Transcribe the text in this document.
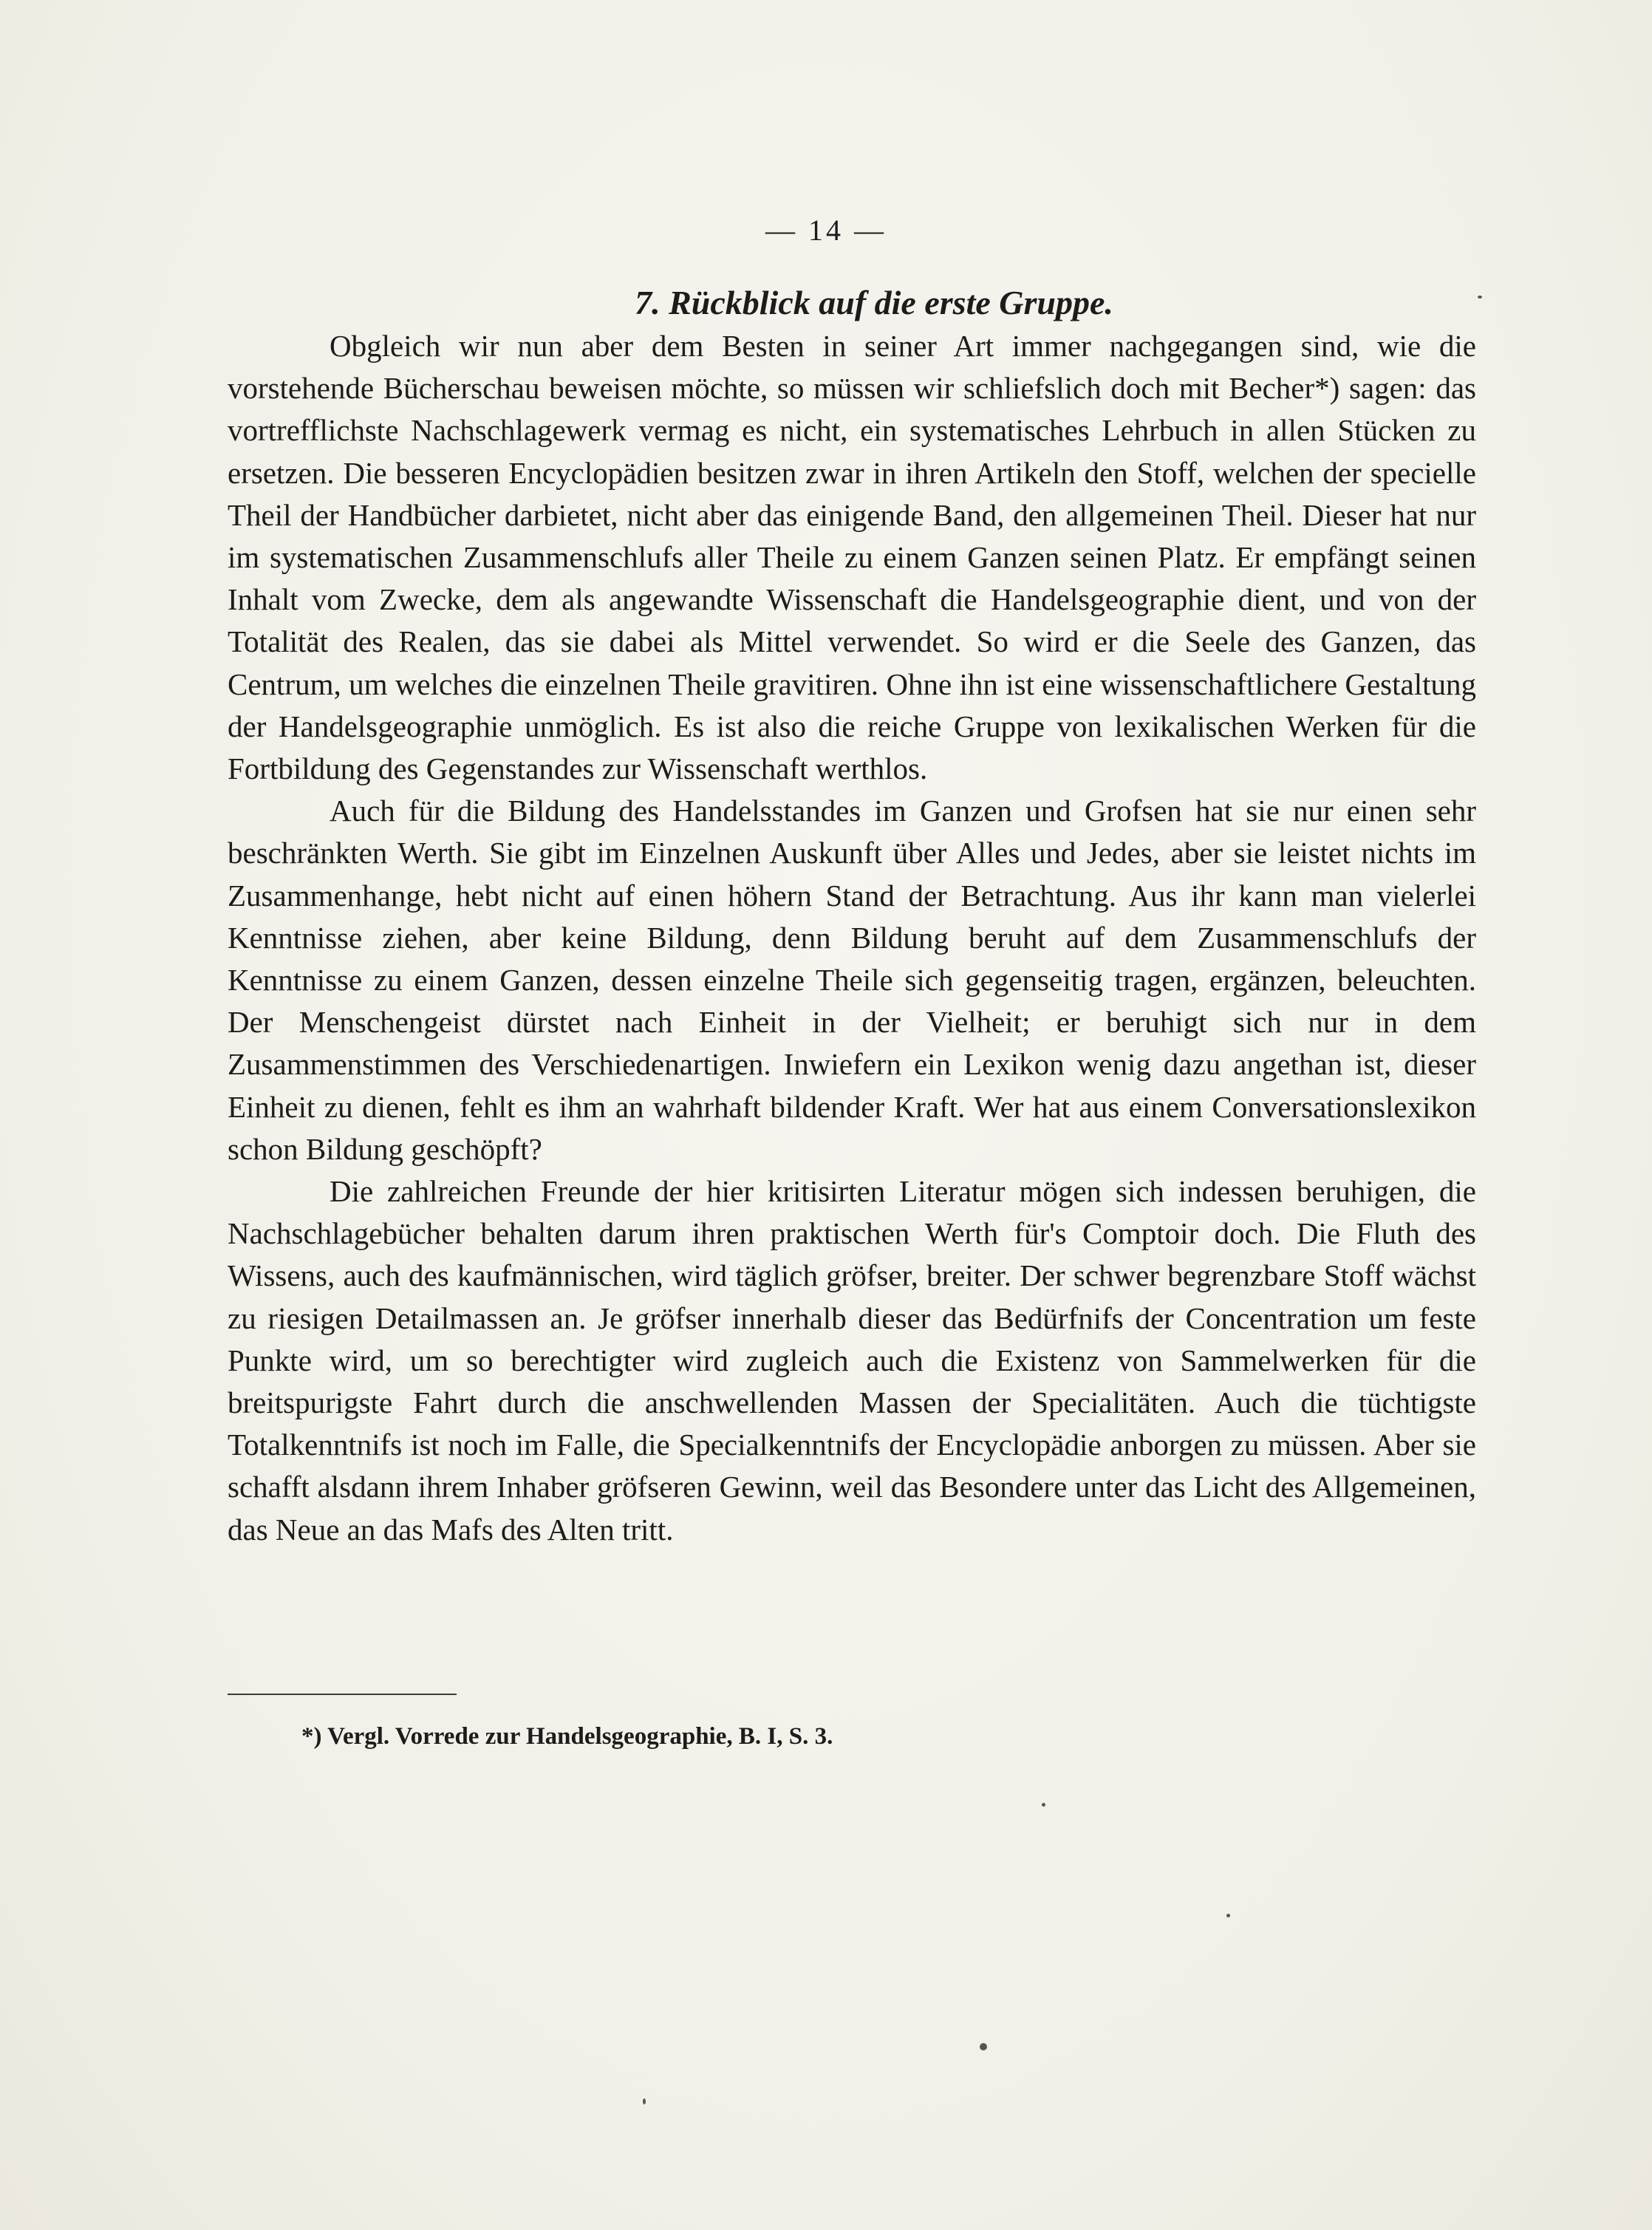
— 14 —
7. Rückblick auf die erste Gruppe.

Obgleich wir nun aber dem Besten in seiner Art immer nachgegangen sind, wie die vorstehende Bücherschau beweisen möchte, so müssen wir schliefslich doch mit Becher*) sagen: das vortrefflichste Nachschlagewerk vermag es nicht, ein systematisches Lehrbuch in allen Stücken zu ersetzen. Die besseren Encyclopädien besitzen zwar in ihren Artikeln den Stoff, welchen der specielle Theil der Handbücher darbietet, nicht aber das einigende Band, den allgemeinen Theil. Dieser hat nur im systematischen Zusammenschlufs aller Theile zu einem Ganzen seinen Platz. Er empfängt seinen Inhalt vom Zwecke, dem als angewandte Wissenschaft die Handelsgeographie dient, und von der Totalität des Realen, das sie dabei als Mittel verwendet. So wird er die Seele des Ganzen, das Centrum, um welches die einzelnen Theile gravitiren. Ohne ihn ist eine wissenschaftlichere Gestaltung der Handelsgeographie unmöglich. Es ist also die reiche Gruppe von lexikalischen Werken für die Fortbildung des Gegenstandes zur Wissenschaft werthlos.

Auch für die Bildung des Handelsstandes im Ganzen und Grofsen hat sie nur einen sehr beschränkten Werth. Sie gibt im Einzelnen Auskunft über Alles und Jedes, aber sie leistet nichts im Zusammenhange, hebt nicht auf einen höhern Stand der Betrachtung. Aus ihr kann man vielerlei Kenntnisse ziehen, aber keine Bildung, denn Bildung beruht auf dem Zusammenschlufs der Kenntnisse zu einem Ganzen, dessen einzelne Theile sich gegenseitig tragen, ergänzen, beleuchten. Der Menschengeist dürstet nach Einheit in der Vielheit; er beruhigt sich nur in dem Zusammenstimmen des Verschiedenartigen. Inwiefern ein Lexikon wenig dazu angethan ist, dieser Einheit zu dienen, fehlt es ihm an wahrhaft bildender Kraft. Wer hat aus einem Conversationslexikon schon Bildung geschöpft?

Die zahlreichen Freunde der hier kritisirten Literatur mögen sich indessen beruhigen, die Nachschlagebücher behalten darum ihren praktischen Werth für's Comptoir doch. Die Fluth des Wissens, auch des kaufmännischen, wird täglich gröfser, breiter. Der schwer begrenzbare Stoff wächst zu riesigen Detailmassen an. Je gröfser innerhalb dieser das Bedürfnifs der Concentration um feste Punkte wird, um so berechtigter wird zugleich auch die Existenz von Sammelwerken für die breitspurigste Fahrt durch die anschwellenden Massen der Specialitäten. Auch die tüchtigste Totalkenntnifs ist noch im Falle, die Specialkenntnifs der Encyclopädie anborgen zu müssen. Aber sie schafft alsdann ihrem Inhaber gröfseren Gewinn, weil das Besondere unter das Licht des Allgemeinen, das Neue an das Mafs des Alten tritt.

*) Vergl. Vorrede zur Handelsgeographie, B. I, S. 3.
